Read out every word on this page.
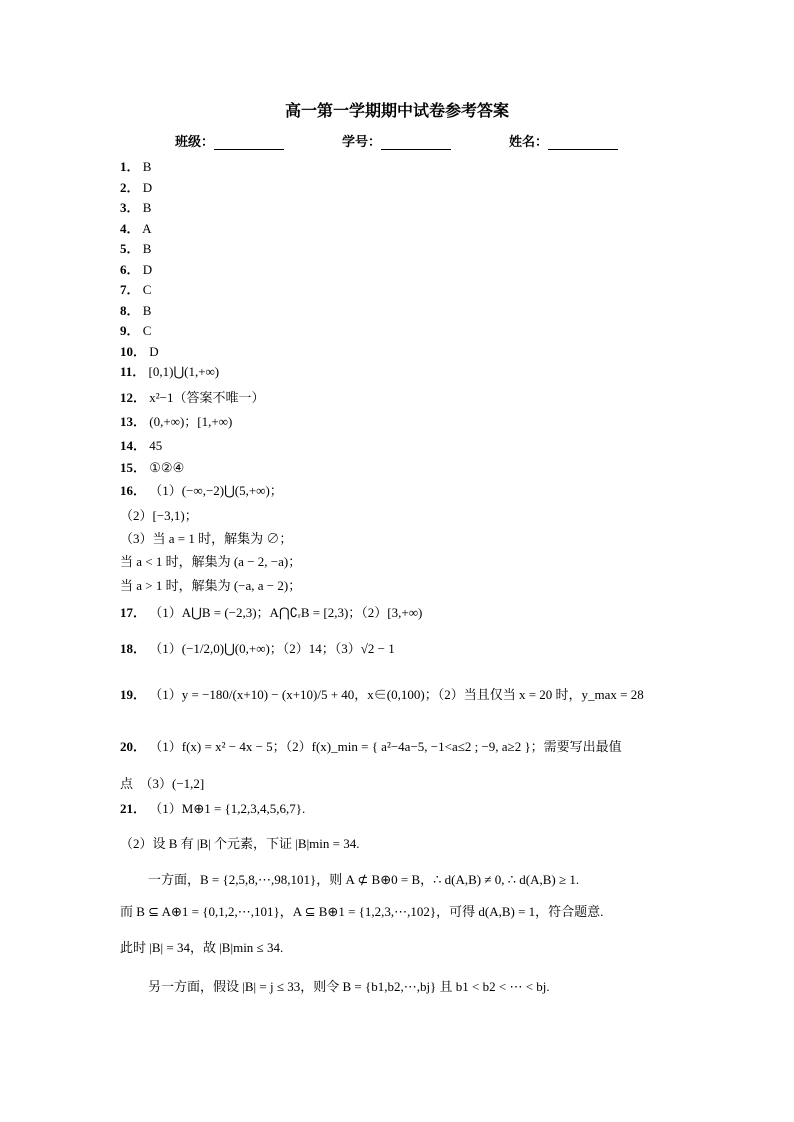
高一第一学期期中试卷参考答案
班级：	学号：	姓名：
1． B
2． D
3． B
4． A
5． B
6． D
7． C
8． B
9． C
10． D
11． [0,1)⋃(1,+∞)
12． x²−1（答案不唯一）
13． (0,+∞)；[1,+∞)
14． 45
15． ①②④
16． （1）(−∞,−2)⋃(5,+∞)；
（2）[−3,1)；
（3）当 a = 1 时，解集为 ∅；
当 a < 1 时，解集为 (a − 2, −a)；
当 a > 1 时，解集为 (−a, a − 2)；
17． （1）A⋃B = (−2,3)；A⋂∁ᵣB = [2,3)；（2）[3,+∞)
18． （1）(−1/2,0)⋃(0,+∞)；（2）14；（3）√2 − 1
19． （1）y = −180/(x+10) − (x+10)/5 + 40，x∈(0,100)；（2）当且仅当 x = 20 时，y_max = 28
20． （1）f(x) = x² − 4x − 5；（2）f(x)_min = { a²−4a−5, −1<a≤2 ; −9, a≥2 }；需要写出最值
点　（3）(−1,2]
21． （1）M⊕1 = {1,2,3,4,5,6,7}.
（2）设 B 有 |B| 个元素，下证 |B|min = 34.
一方面，B = {2,5,8,⋯,98,101}，则 A ⊄ B⊕0 = B，∴ d(A,B) ≠ 0, ∴ d(A,B) ≥ 1.
而 B ⊆ A⊕1 = {0,1,2,⋯,101}，A ⊆ B⊕1 = {1,2,3,⋯,102}，可得 d(A,B) = 1，符合题意.
此时 |B| = 34，故 |B|min ≤ 34.
另一方面，假设 |B| = j ≤ 33，则令 B = {b1,b2,⋯,bj} 且 b1 < b2 < ⋯ < bj.
